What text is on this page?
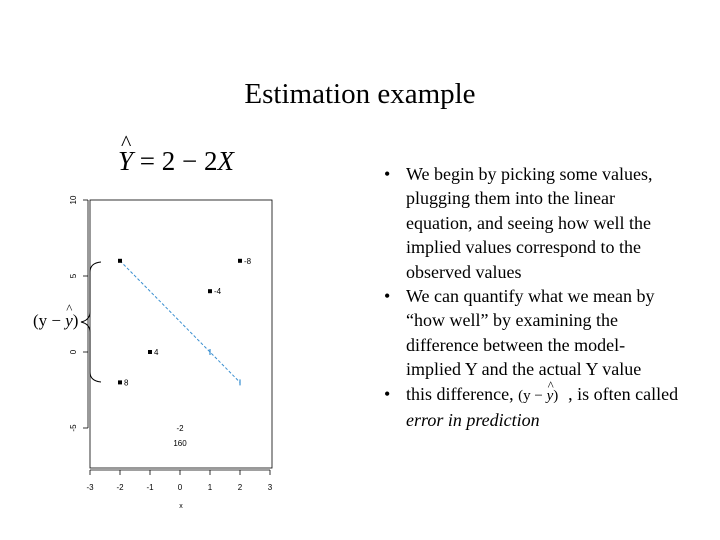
Estimation example
^ Y = 2 − 2X
-3	-2	-1	0	1	2	3
x
-5
0
5
10
4
8
-4
-8
-2
160
(y − ^ y)
• We begin by picking some values, plugging them into the linear equation, and seeing how well the implied values correspond to the observed values
• We can quantify what we mean by “how well” by examining the difference between the model-implied Y and the actual Y value
• this difference, (y − ^ y) , is often called error in prediction
